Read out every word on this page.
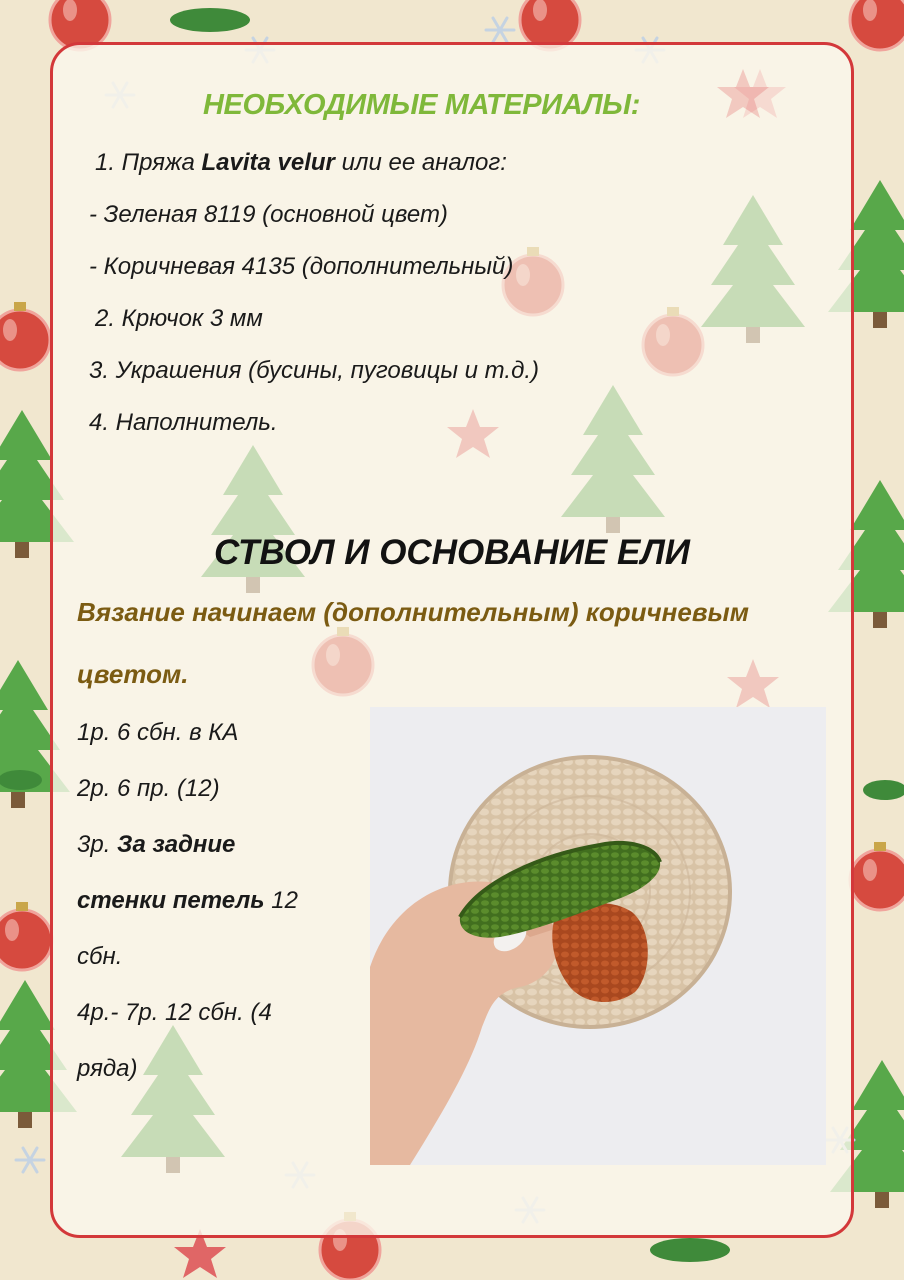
НЕОБХОДИМЫЕ МАТЕРИАЛЫ:
1. Пряжа Lavita velur или ее аналог:
- Зеленая 8119 (основной цвет)
- Коричневая 4135 (дополнительный)
2. Крючок 3 мм
3. Украшения (бусины, пуговицы и т.д.)
4. Наполнитель.
СТВОЛ И ОСНОВАНИЕ ЕЛИ
Вязание начинаем (дополнительным) коричневым
цветом.
1р. 6 сбн. в КА
2р. 6 пр. (12)
3р. За задние
стенки петель 12
сбн.
4р.- 7р. 12 сбн. (4
ряда)
